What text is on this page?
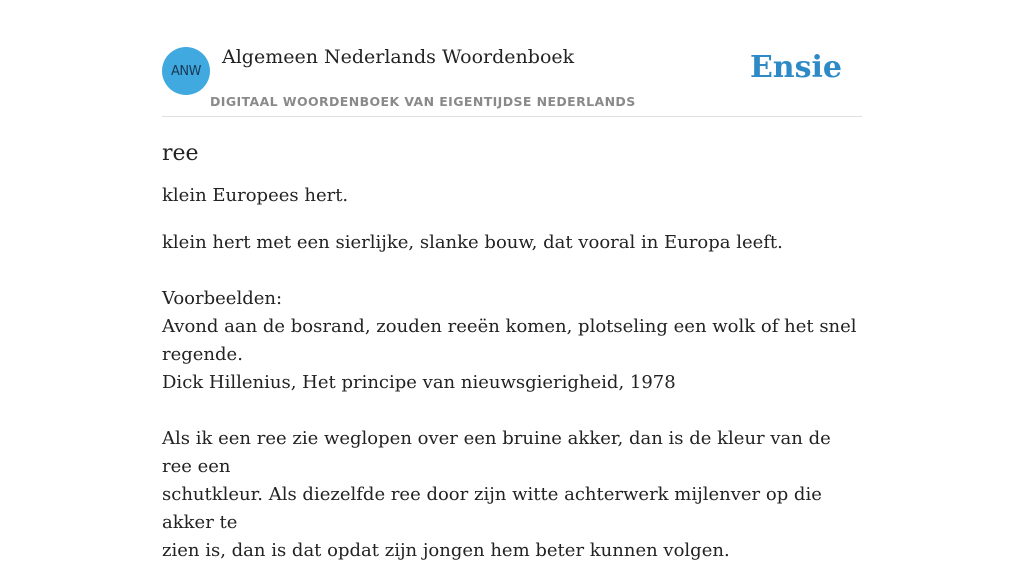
ANW
Algemeen Nederlands Woordenboek
DIGITAAL WOORDENBOEK VAN EIGENTIJDSE NEDERLANDS
Ensie
ree

klein Europees hert.

klein hert met een sierlijke, slanke bouw, dat vooral in Europa leeft.

Voorbeelden:
Avond aan de bosrand, zouden reeën komen, plotseling een wolk of het snel
regende.
Dick Hillenius, Het principe van nieuwsgierigheid, 1978
Als ik een ree zie weglopen over een bruine akker, dan is de kleur van de ree een
schutkleur. Als diezelfde ree door zijn witte achterwerk mijlenver op die akker te
zien is, dan is dat opdat zijn jongen hem beter kunnen volgen.
